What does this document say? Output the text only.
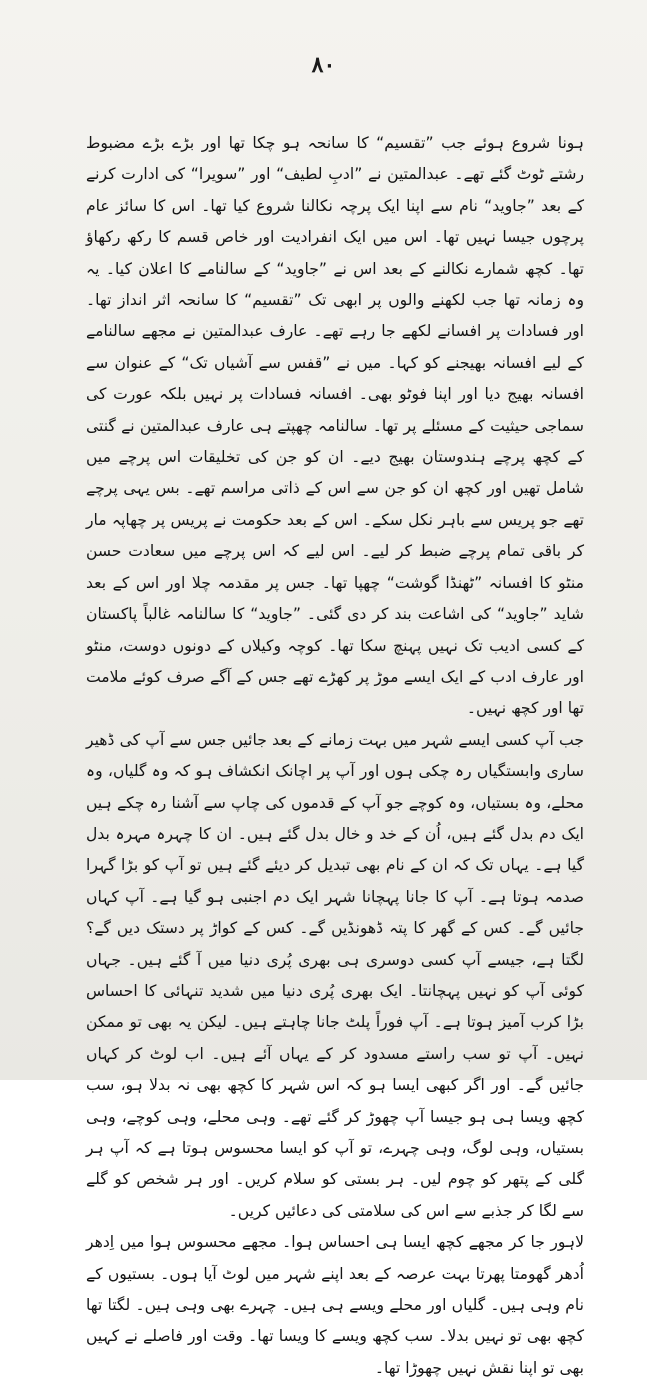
۸۰

ہونا شروع ہوئے جب ”تقسیم“ کا سانحہ ہو چکا تھا اور بڑے بڑے مضبوط رشتے ٹوٹ گئے تھے۔ عبدالمتین نے ”ادبِ لطیف“ اور ”سویرا“ کی ادارت کرنے کے بعد ”جاوید“ نام سے اپنا ایک پرچہ نکالنا شروع کیا تھا۔ اس کا سائز عام پرچوں جیسا نہیں تھا۔ اس میں ایک انفرادیت اور خاص قسم کا رکھ رکھاؤ تھا۔ کچھ شمارے نکالنے کے بعد اس نے ”جاوید“ کے سالنامے کا اعلان کیا۔ یہ وہ زمانہ تھا جب لکھنے والوں پر ابھی تک ”تقسیم“ کا سانحہ اثر انداز تھا۔ اور فسادات پر افسانے لکھے جا رہے تھے۔ عارف عبدالمتین نے مجھے سالنامے کے لیے افسانہ بھیجنے کو کہا۔ میں نے ”قفس سے آشیاں تک“ کے عنوان سے افسانہ بھیج دیا اور اپنا فوٹو بھی۔ افسانہ فسادات پر نہیں بلکہ عورت کی سماجی حیثیت کے مسئلے پر تھا۔ سالنامہ چھپتے ہی عارف عبدالمتین نے گنتی کے کچھ پرچے ہندوستان بھیج دیے۔ ان کو جن کی تخلیقات اس پرچے میں شامل تھیں اور کچھ ان کو جن سے اس کے ذاتی مراسم تھے۔ بس یہی پرچے تھے جو پریس سے باہر نکل سکے۔ اس کے بعد حکومت نے پریس پر چھاپہ مار کر باقی تمام پرچے ضبط کر لیے۔ اس لیے کہ اس پرچے میں سعادت حسن منٹو کا افسانہ ”ٹھنڈا گوشت“ چھپا تھا۔ جس پر مقدمہ چلا اور اس کے بعد شاید ”جاوید“ کی اشاعت بند کر دی گئی۔ ”جاوید“ کا سالنامہ غالباً پاکستان کے کسی ادیب تک نہیں پہنچ سکا تھا۔ کوچہ وکیلاں کے دونوں دوست، منٹو اور عارف ادب کے ایک ایسے موڑ پر کھڑے تھے جس کے آگے صرف کوئے ملامت تھا اور کچھ نہیں۔

جب آپ کسی ایسے شہر میں بہت زمانے کے بعد جائیں جس سے آپ کی ڈھیر ساری وابستگیاں رہ چکی ہوں اور آپ پر اچانک انکشاف ہو کہ وہ گلیاں، وہ محلے، وہ بستیاں، وہ کوچے جو آپ کے قدموں کی چاپ سے آشنا رہ چکے ہیں ایک دم بدل گئے ہیں، اُن کے خد و خال بدل گئے ہیں۔ ان کا چہرہ مہرہ بدل گیا ہے۔ یہاں تک کہ ان کے نام بھی تبدیل کر دیئے گئے ہیں تو آپ کو بڑا گہرا صدمہ ہوتا ہے۔ آپ کا جانا پہچانا شہر ایک دم اجنبی ہو گیا ہے۔ آپ کہاں جائیں گے۔ کس کے گھر کا پتہ ڈھونڈیں گے۔ کس کے کواڑ پر دستک دیں گے؟ لگتا ہے، جیسے آپ کسی دوسری ہی بھری پُری دنیا میں آ گئے ہیں۔ جہاں کوئی آپ کو نہیں پہچانتا۔ ایک بھری پُری دنیا میں شدید تنہائی کا احساس بڑا کرب آمیز ہوتا ہے۔ آپ فوراً پلٹ جانا چاہتے ہیں۔ لیکن یہ بھی تو ممکن نہیں۔ آپ تو سب راستے مسدود کر کے یہاں آئے ہیں۔ اب لوٹ کر کہاں جائیں گے۔ اور اگر کبھی ایسا ہو کہ اس شہر کا کچھ بھی نہ بدلا ہو، سب کچھ ویسا ہی ہو جیسا آپ چھوڑ کر گئے تھے۔ وہی محلے، وہی کوچے، وہی بستیاں، وہی لوگ، وہی چہرے، تو آپ کو ایسا محسوس ہوتا ہے کہ آپ ہر گلی کے پتھر کو چوم لیں۔ ہر بستی کو سلام کریں۔ اور ہر شخص کو گلے سے لگا کر جذبے سے اس کی سلامتی کی دعائیں کریں۔

لاہور جا کر مجھے کچھ ایسا ہی احساس ہوا۔ مجھے محسوس ہوا میں اِدھر اُدھر گھومتا پھرتا بہت عرصہ کے بعد اپنے شہر میں لوٹ آیا ہوں۔ بستیوں کے نام وہی ہیں۔ گلیاں اور محلے ویسے ہی ہیں۔ چہرے بھی وہی ہیں۔ لگتا تھا کچھ بھی تو نہیں بدلا۔ سب کچھ ویسے کا ویسا تھا۔ وقت اور فاصلے نے کہیں بھی تو اپنا نقش نہیں چھوڑا تھا۔
